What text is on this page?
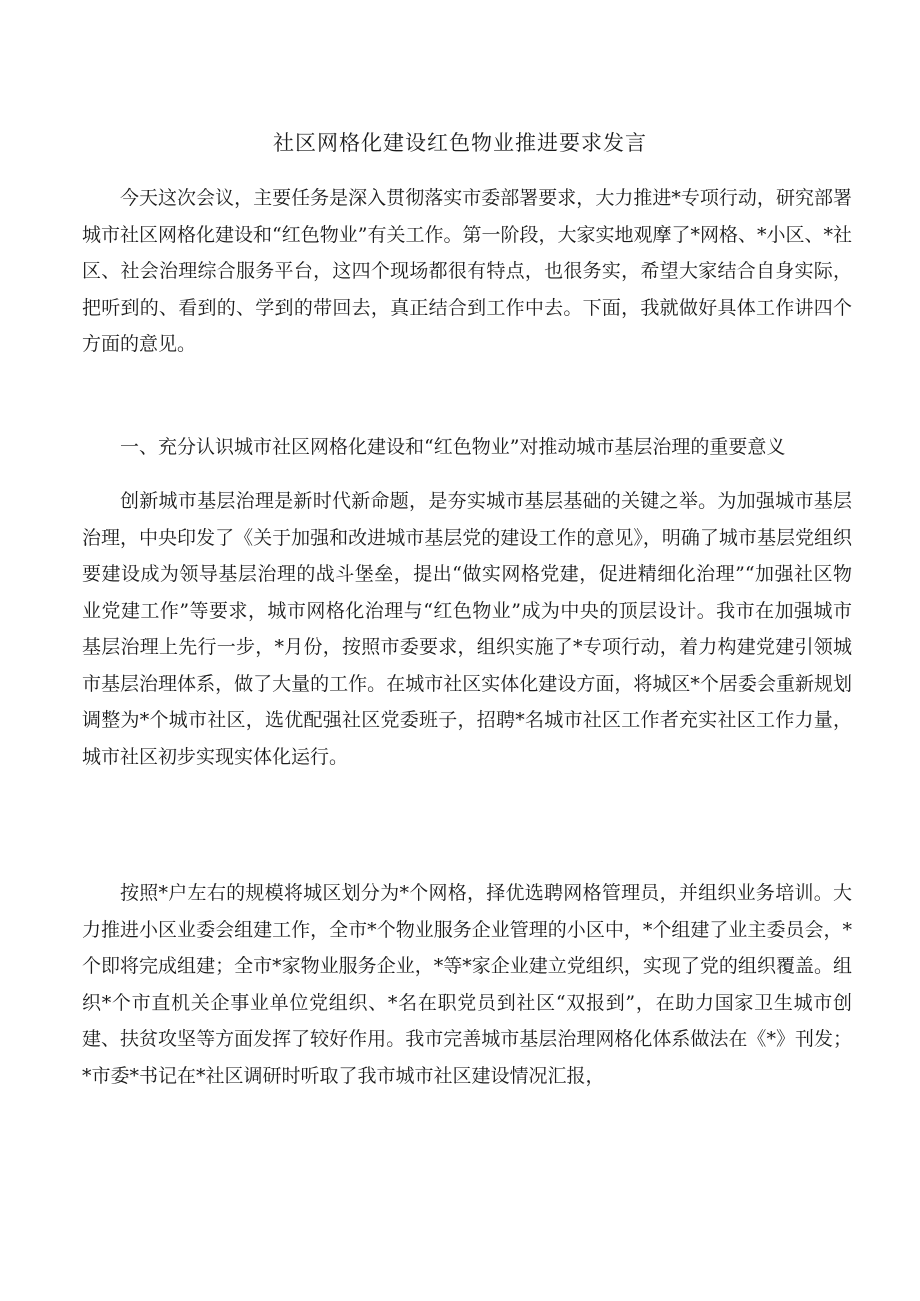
社区网格化建设红色物业推进要求发言

今天这次会议，主要任务是深入贯彻落实市委部署要求，大力推进*专项行动，研究部署城市社区网格化建设和“红色物业”有关工作。第一阶段，大家实地观摩了*网格、*小区、*社区、社会治理综合服务平台，这四个现场都很有特点，也很务实，希望大家结合自身实际，把听到的、看到的、学到的带回去，真正结合到工作中去。下面，我就做好具体工作讲四个方面的意见。

一、充分认识城市社区网格化建设和“红色物业”对推动城市基层治理的重要意义

创新城市基层治理是新时代新命题，是夯实城市基层基础的关键之举。为加强城市基层治理，中央印发了《关于加强和改进城市基层党的建设工作的意见》，明确了城市基层党组织要建设成为领导基层治理的战斗堡垒，提出“做实网格党建，促进精细化治理”“加强社区物业党建工作”等要求，城市网格化治理与“红色物业”成为中央的顶层设计。我市在加强城市基层治理上先行一步，*月份，按照市委要求，组织实施了*专项行动，着力构建党建引领城市基层治理体系，做了大量的工作。在城市社区实体化建设方面，将城区*个居委会重新规划调整为*个城市社区，选优配强社区党委班子，招聘*名城市社区工作者充实社区工作力量，城市社区初步实现实体化运行。

按照*户左右的规模将城区划分为*个网格，择优选聘网格管理员，并组织业务培训。大力推进小区业委会组建工作，全市*个物业服务企业管理的小区中，*个组建了业主委员会，*个即将完成组建；全市*家物业服务企业，*等*家企业建立党组织，实现了党的组织覆盖。组织*个市直机关企事业单位党组织、*名在职党员到社区“双报到”，在助力国家卫生城市创建、扶贫攻坚等方面发挥了较好作用。我市完善城市基层治理网格化体系做法在《*》刊发；*市委*书记在*社区调研时听取了我市城市社区建设情况汇报，
